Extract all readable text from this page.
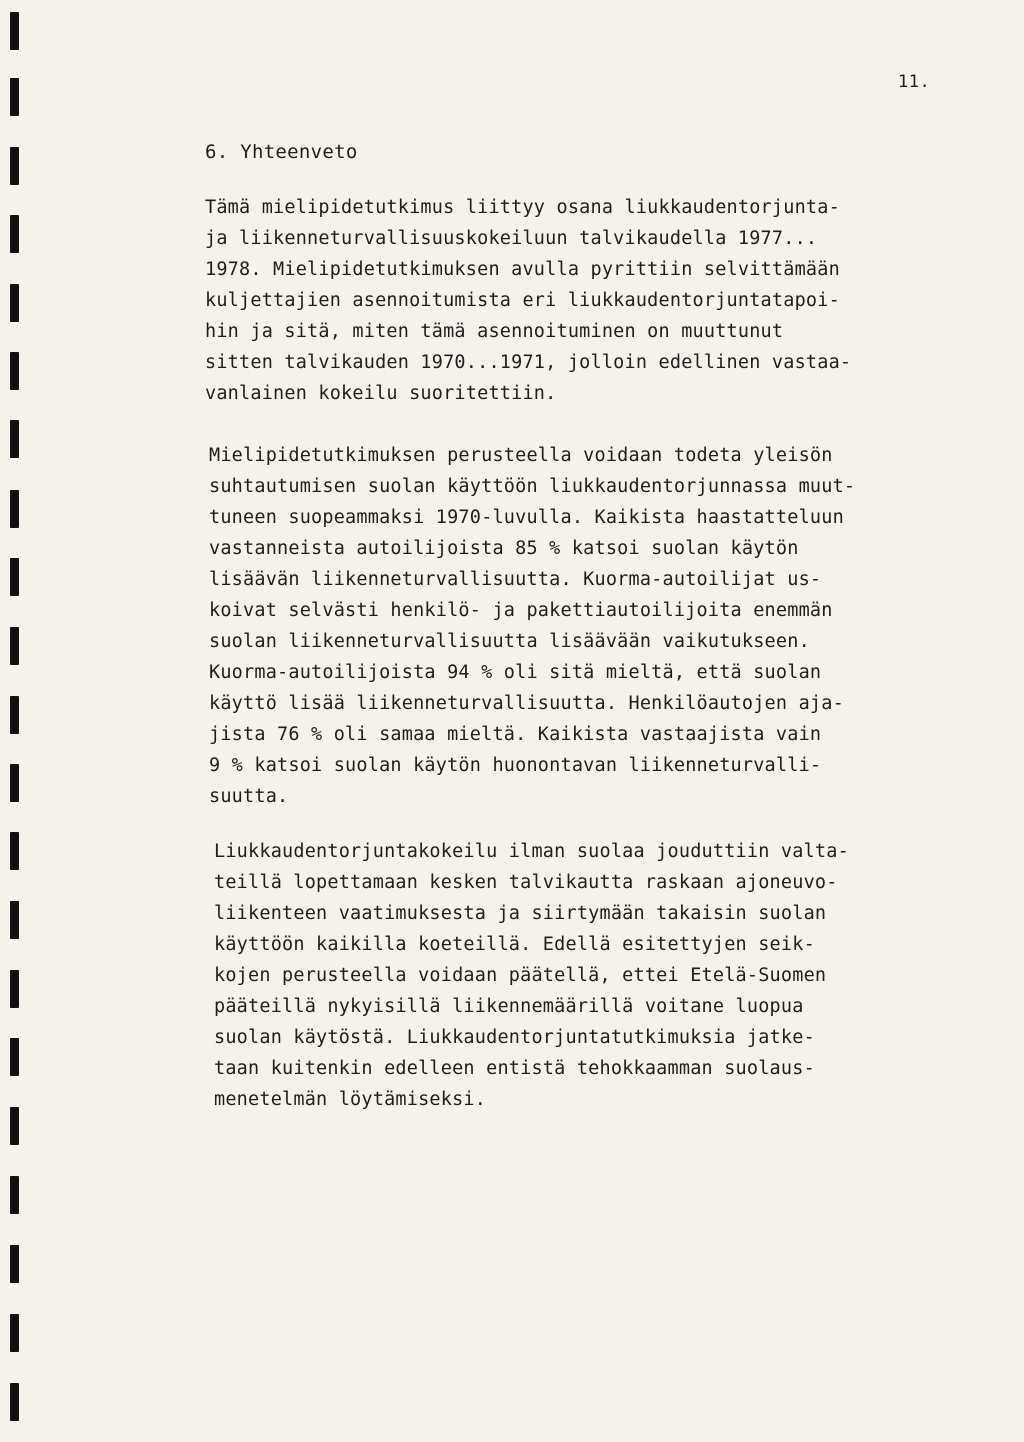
11.
6. Yhteenveto
Tämä mielipidetutkimus liittyy osana liukkaudentorjunta-
ja liikenneturvallisuuskokeiluun talvikaudella 1977...
1978. Mielipidetutkimuksen avulla pyrittiin selvittämään
kuljettajien asennoitumista eri liukkaudentorjuntatapoi-
hin ja sitä, miten tämä asennoituminen on muuttunut
sitten talvikauden 1970...1971, jolloin edellinen vastaa-
vanlainen kokeilu suoritettiin.
Mielipidetutkimuksen perusteella voidaan todeta yleisön
suhtautumisen suolan käyttöön liukkaudentorjunnassa muut-
tuneen suopeammaksi 1970-luvulla. Kaikista haastatteluun
vastanneista autoilijoista 85 % katsoi suolan käytön
lisäävän liikenneturvallisuutta. Kuorma-autoilijat us-
koivat selvästi henkilö- ja pakettiautoilijoita enemmän
suolan liikenneturvallisuutta lisäävään vaikutukseen.
Kuorma-autoilijoista 94 % oli sitä mieltä, että suolan
käyttö lisää liikenneturvallisuutta. Henkilöautojen aja-
jista 76 % oli samaa mieltä. Kaikista vastaajista vain
9 % katsoi suolan käytön huonontavan liikenneturvalli-
suutta.
Liukkaudentorjuntakokeilu ilman suolaa jouduttiin valta-
teillä lopettamaan kesken talvikautta raskaan ajoneuvo-
liikenteen vaatimuksesta ja siirtymään takaisin suolan
käyttöön kaikilla koeteillä. Edellä esitettyjen seik-
kojen perusteella voidaan päätellä, ettei Etelä-Suomen
pääteillä nykyisillä liikennemäärillä voitane luopua
suolan käytöstä. Liukkaudentorjuntatutkimuksia jatke-
taan kuitenkin edelleen entistä tehokkaamman suolaus-
menetelmän löytämiseksi.
